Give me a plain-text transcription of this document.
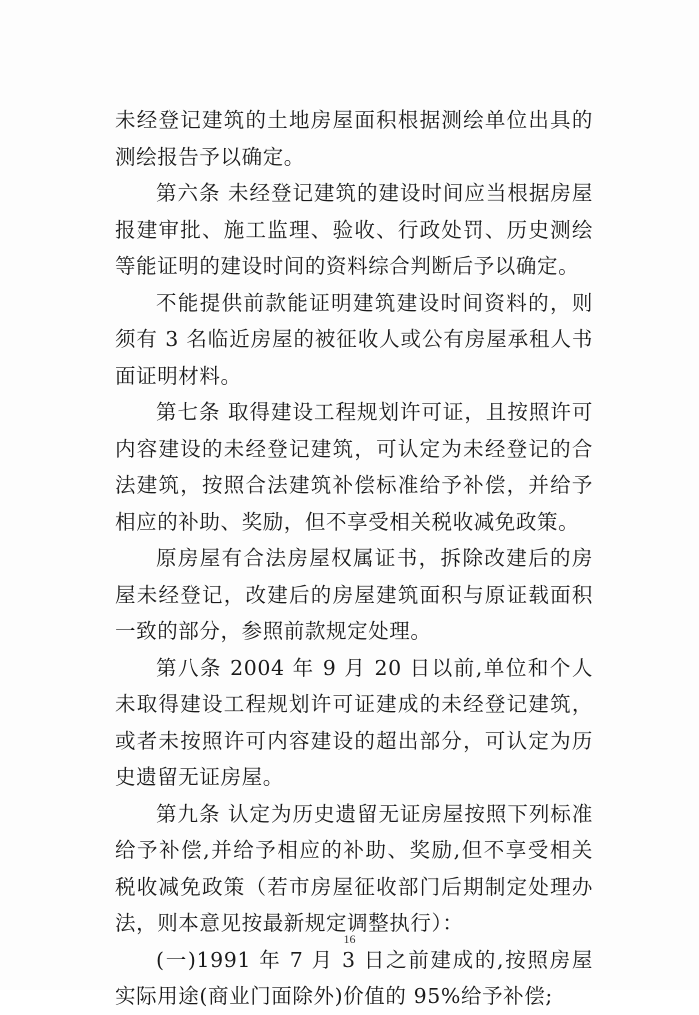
未经登记建筑的土地房屋面积根据测绘单位出具的测绘报告予以确定。

第六条 未经登记建筑的建设时间应当根据房屋报建审批、施工监理、验收、行政处罚、历史测绘等能证明的建设时间的资料综合判断后予以确定。

不能提供前款能证明建筑建设时间资料的，则须有 3 名临近房屋的被征收人或公有房屋承租人书面证明材料。

第七条 取得建设工程规划许可证，且按照许可内容建设的未经登记建筑，可认定为未经登记的合法建筑，按照合法建筑补偿标准给予补偿，并给予相应的补助、奖励，但不享受相关税收减免政策。

原房屋有合法房屋权属证书，拆除改建后的房屋未经登记，改建后的房屋建筑面积与原证载面积一致的部分，参照前款规定处理。

第八条 2004 年 9 月 20 日以前,单位和个人未取得建设工程规划许可证建成的未经登记建筑，或者未按照许可内容建设的超出部分，可认定为历史遗留无证房屋。

第九条 认定为历史遗留无证房屋按照下列标准给予补偿,并给予相应的补助、奖励,但不享受相关税收减免政策（若市房屋征收部门后期制定处理办法，则本意见按最新规定调整执行）：

(一)1991 年 7 月 3 日之前建成的,按照房屋实际用途(商业门面除外)价值的 95%给予补偿;

16
